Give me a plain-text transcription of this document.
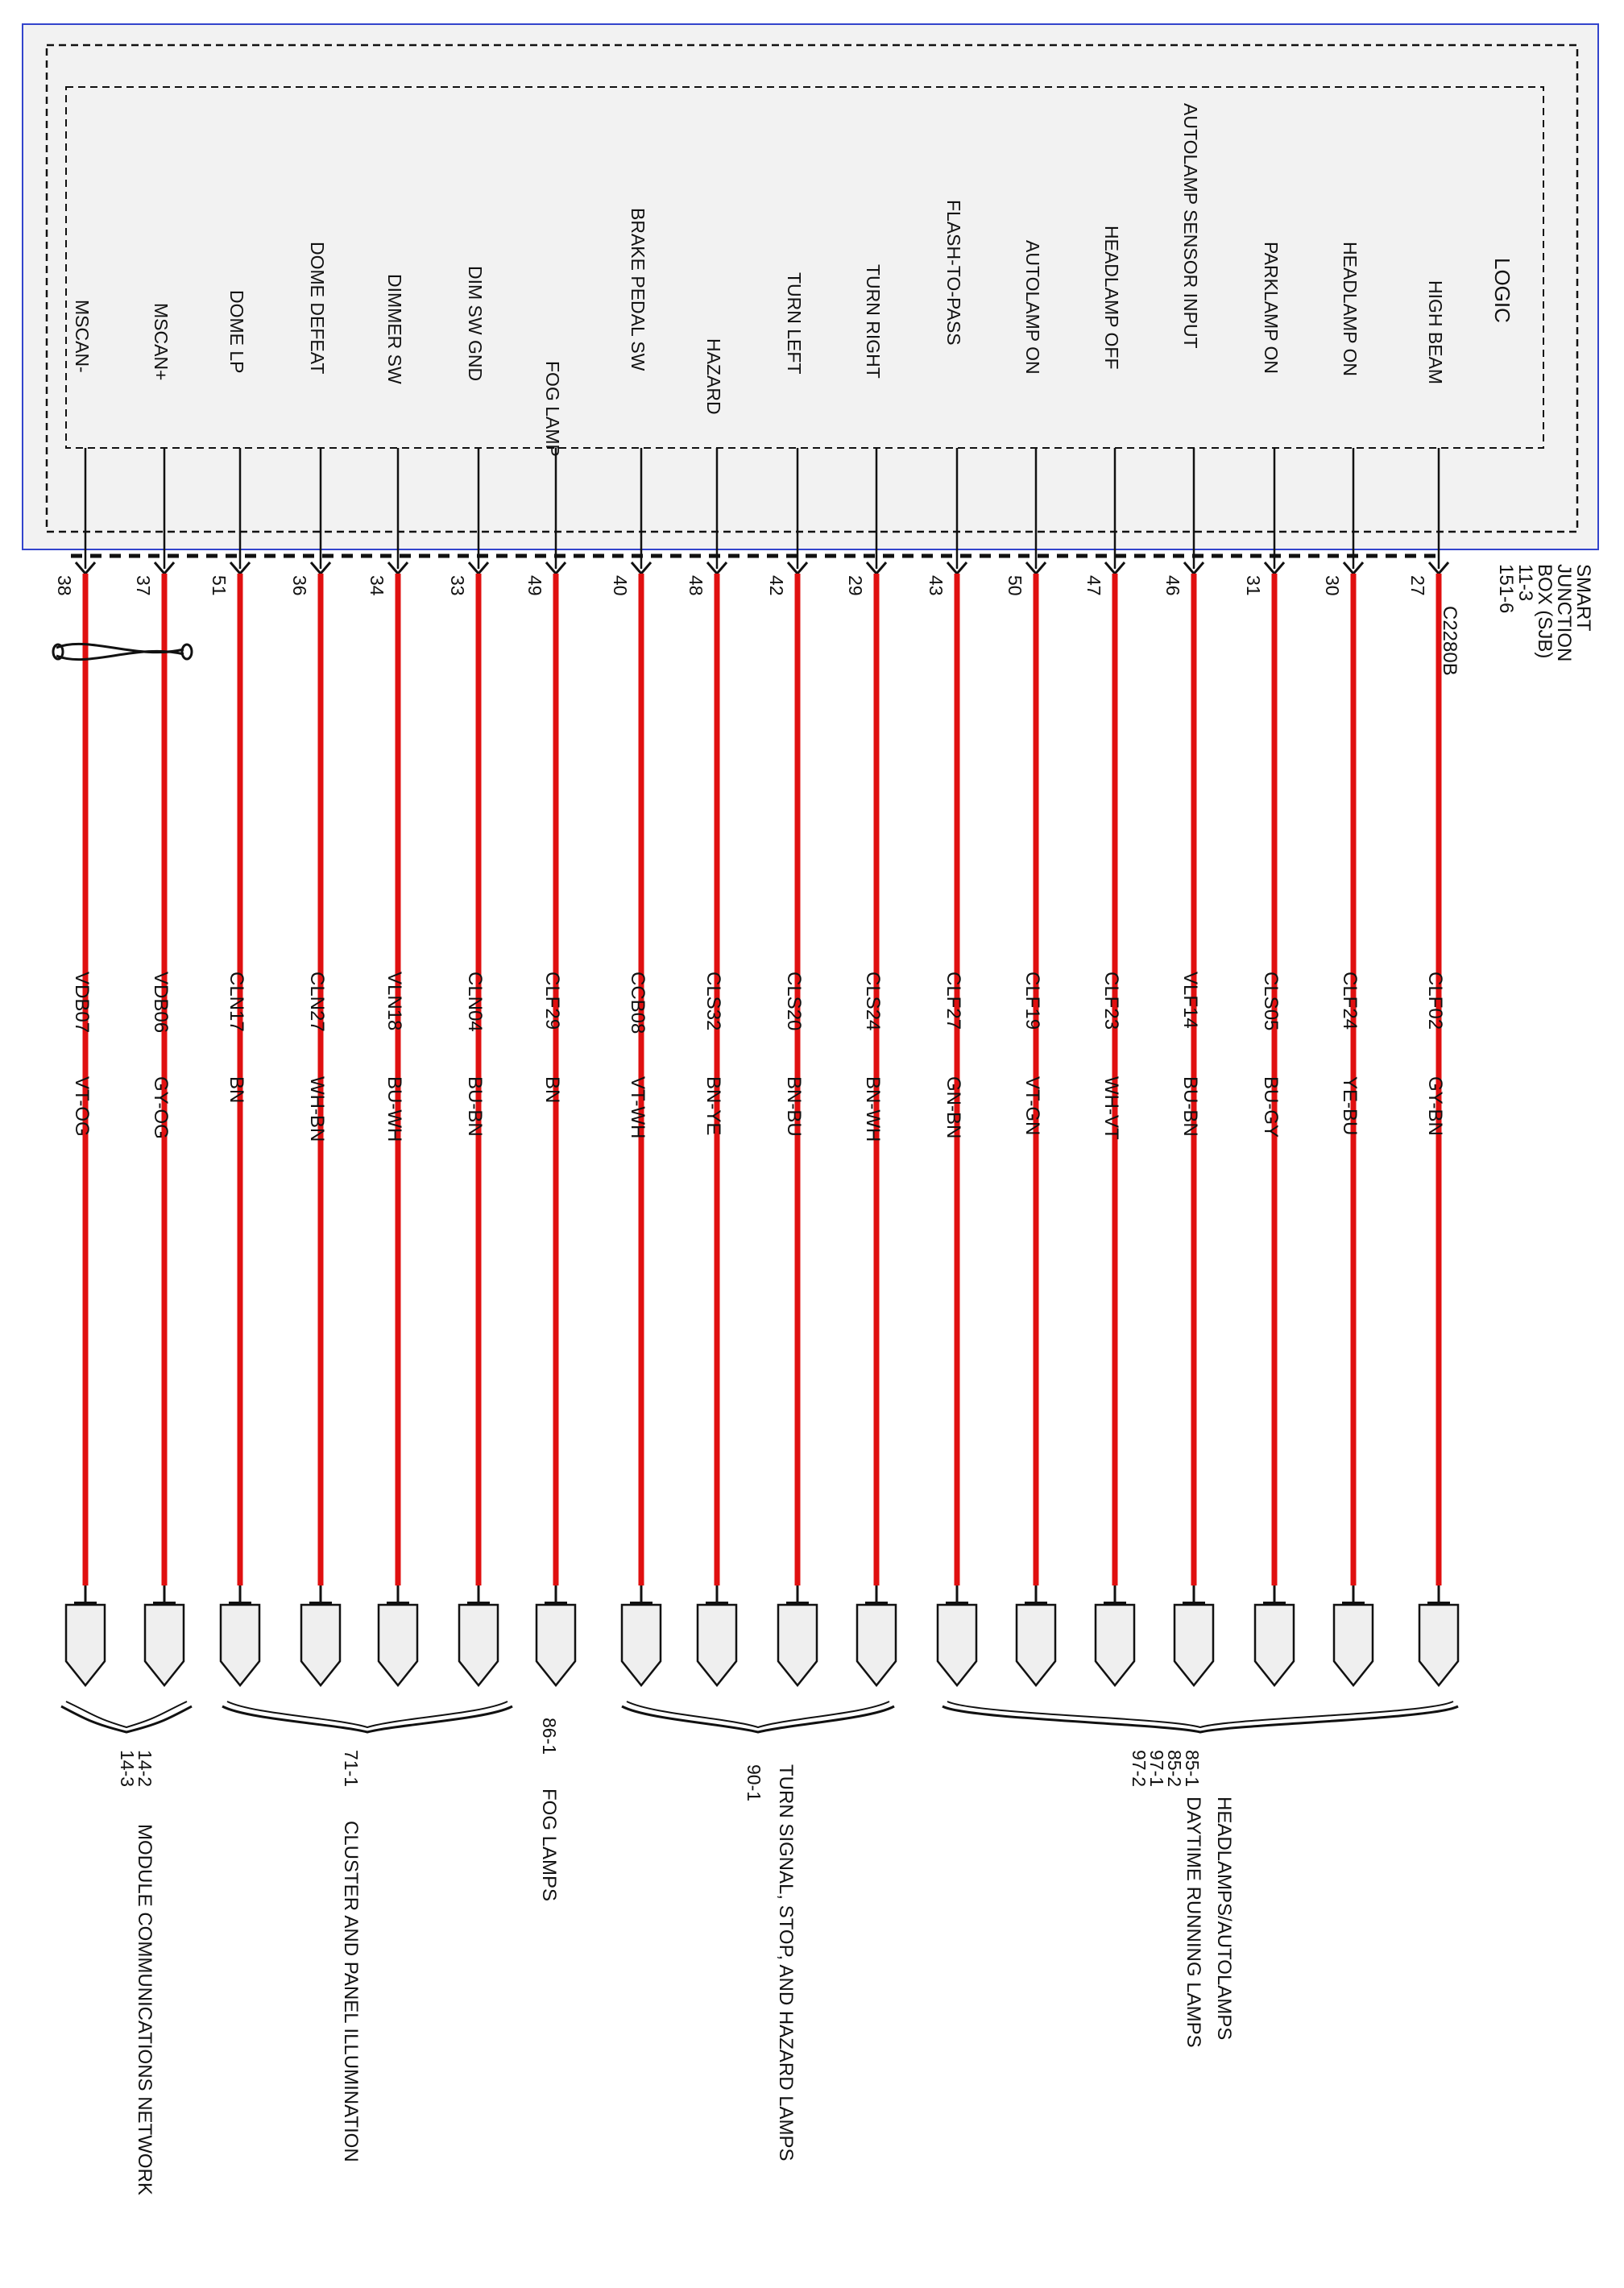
LOGIC
SMART
JUNCTION
BOX (SJB)
11-3
151-6
C2280B
HIGH BEAM
27
CLF02
GY-BN
HEADLAMP ON
30
CLF24
YE-BU
PARKLAMP ON
31
CLS05
BU-GY
AUTOLAMP SENSOR INPUT
46
VLF14
BU-BN
HEADLAMP OFF
47
CLF23
WH-VT
AUTOLAMP ON
50
CLF19
VT-GN
FLASH-TO-PASS
43
CLF27
GN-BN
TURN RIGHT
29
CLS24
BN-WH
TURN LEFT
42
CLS20
BN-BU
HAZARD
48
CLS32
BN-YE
BRAKE PEDAL SW
40
CCB08
VT-WH
FOG LAMP
49
CLF29
BN
DIM SW GND
33
CLN04
BU-BN
DIMMER SW
34
VLN18
BU-WH
DOME DEFEAT
36
CLN27
WH-BN
DOME LP
51
CLN17
BN
MSCAN+
37
VDB06
GY-OG
MSCAN-
38
VDB07
VT-OG
85-1
85-2
97-1
97-2
HEADLAMPS/AUTOLAMPS
DAYTIME RUNNING LAMPS
90-1 TURN SIGNAL, STOP, AND HAZARD LAMPS
86-1
FOG LAMPS
71-1
CLUSTER AND PANEL ILLUMINATION
14-2
14-3
MODULE COMMUNICATIONS NETWORK
